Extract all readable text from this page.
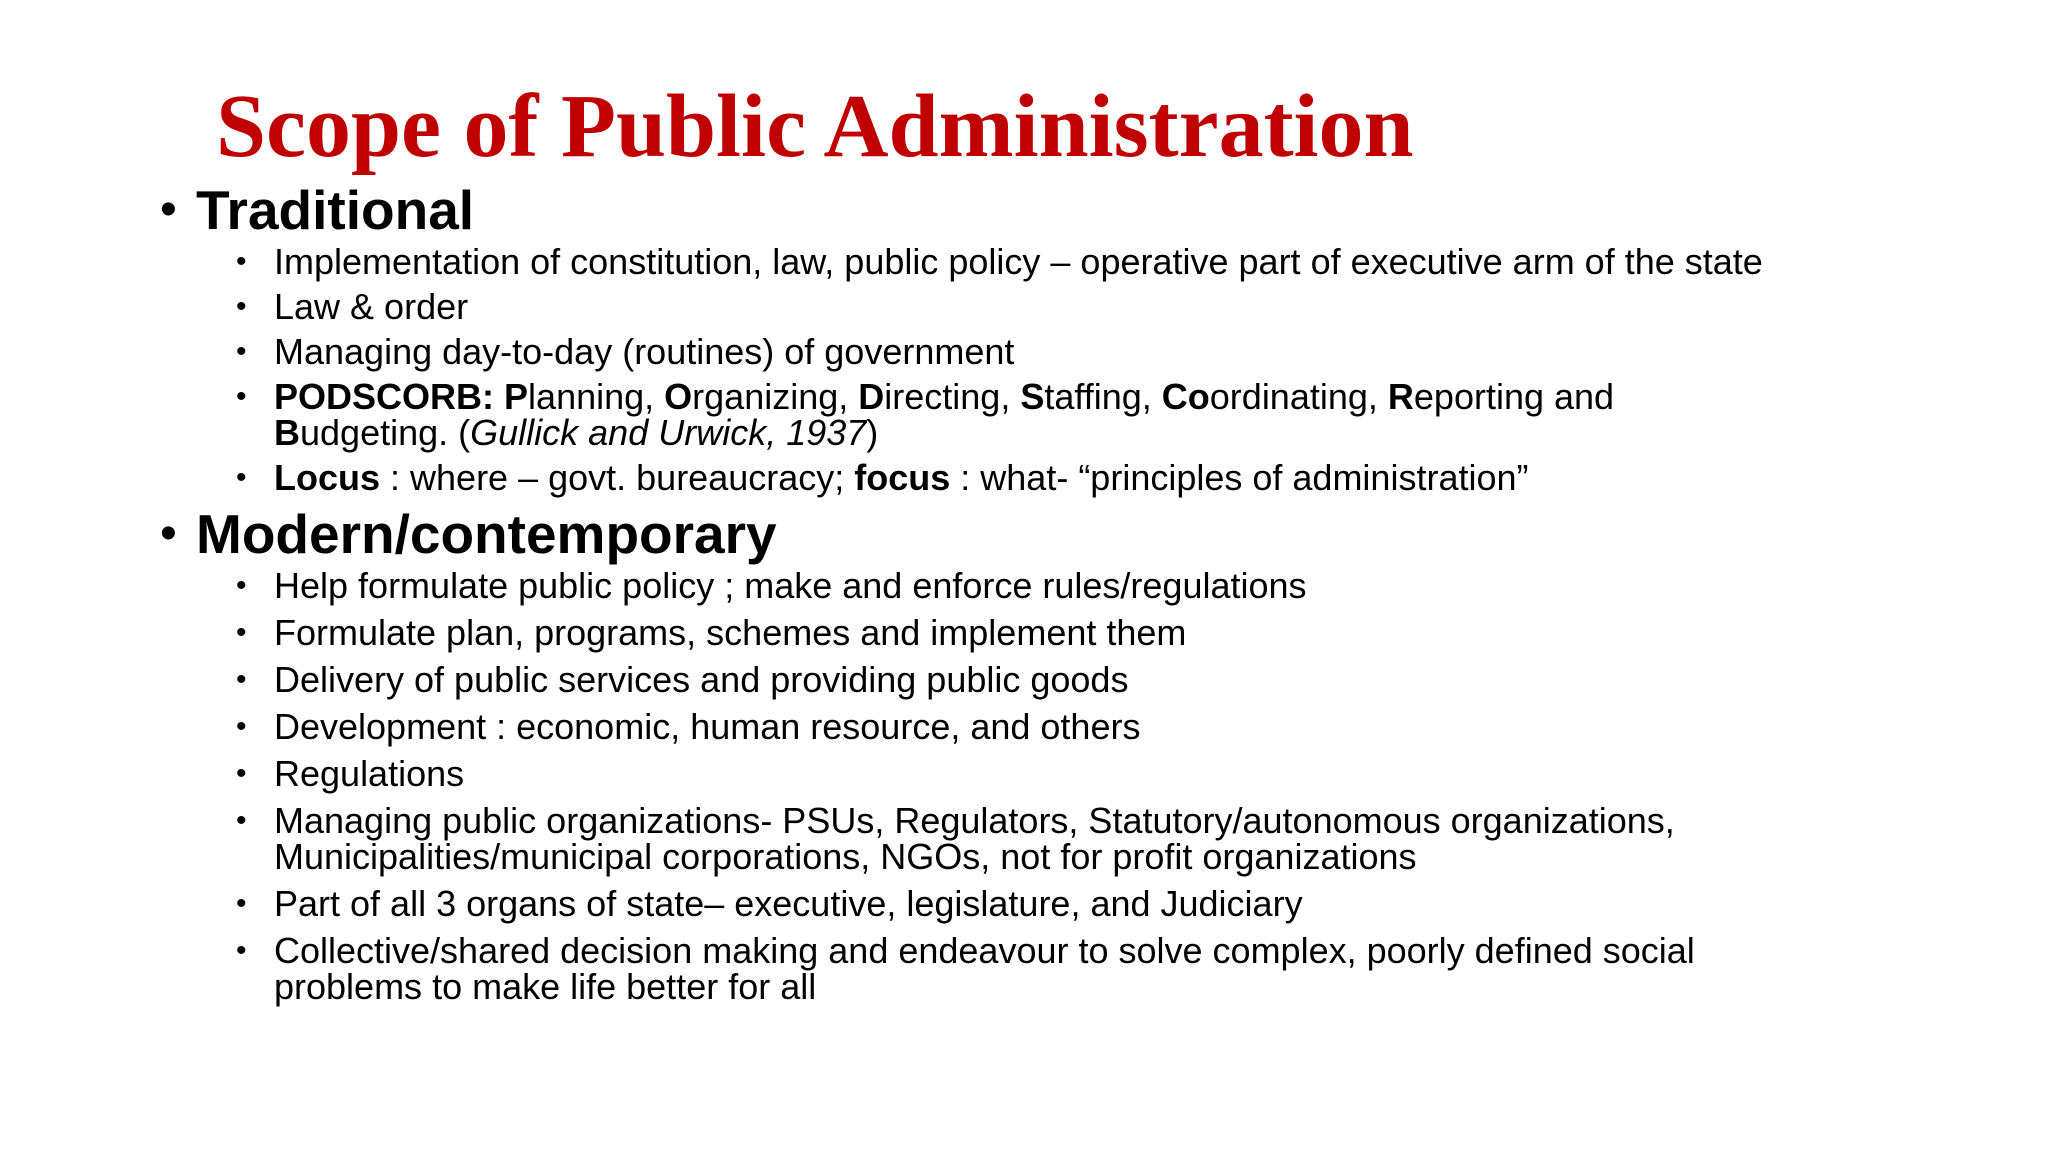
Scope of Public Administration
• Traditional
• Implementation of constitution, law, public policy – operative part of executive arm of the state
• Law & order
• Managing day-to-day (routines) of government
• PODSCORB: Planning, Organizing, Directing, Staffing, Coordinating, Reporting and
Budgeting. (Gullick and Urwick, 1937)
• Locus : where – govt. bureaucracy; focus : what- “principles of administration”
• Modern/contemporary
• Help formulate public policy ; make and enforce rules/regulations
• Formulate plan, programs, schemes and implement them
• Delivery of public services and providing public goods
• Development : economic, human resource, and others
• Regulations
• Managing public organizations- PSUs, Regulators, Statutory/autonomous organizations,
Municipalities/municipal corporations, NGOs, not for profit organizations
• Part of all 3 organs of state– executive, legislature, and Judiciary
• Collective/shared decision making and endeavour to solve complex, poorly defined social
problems to make life better for all
